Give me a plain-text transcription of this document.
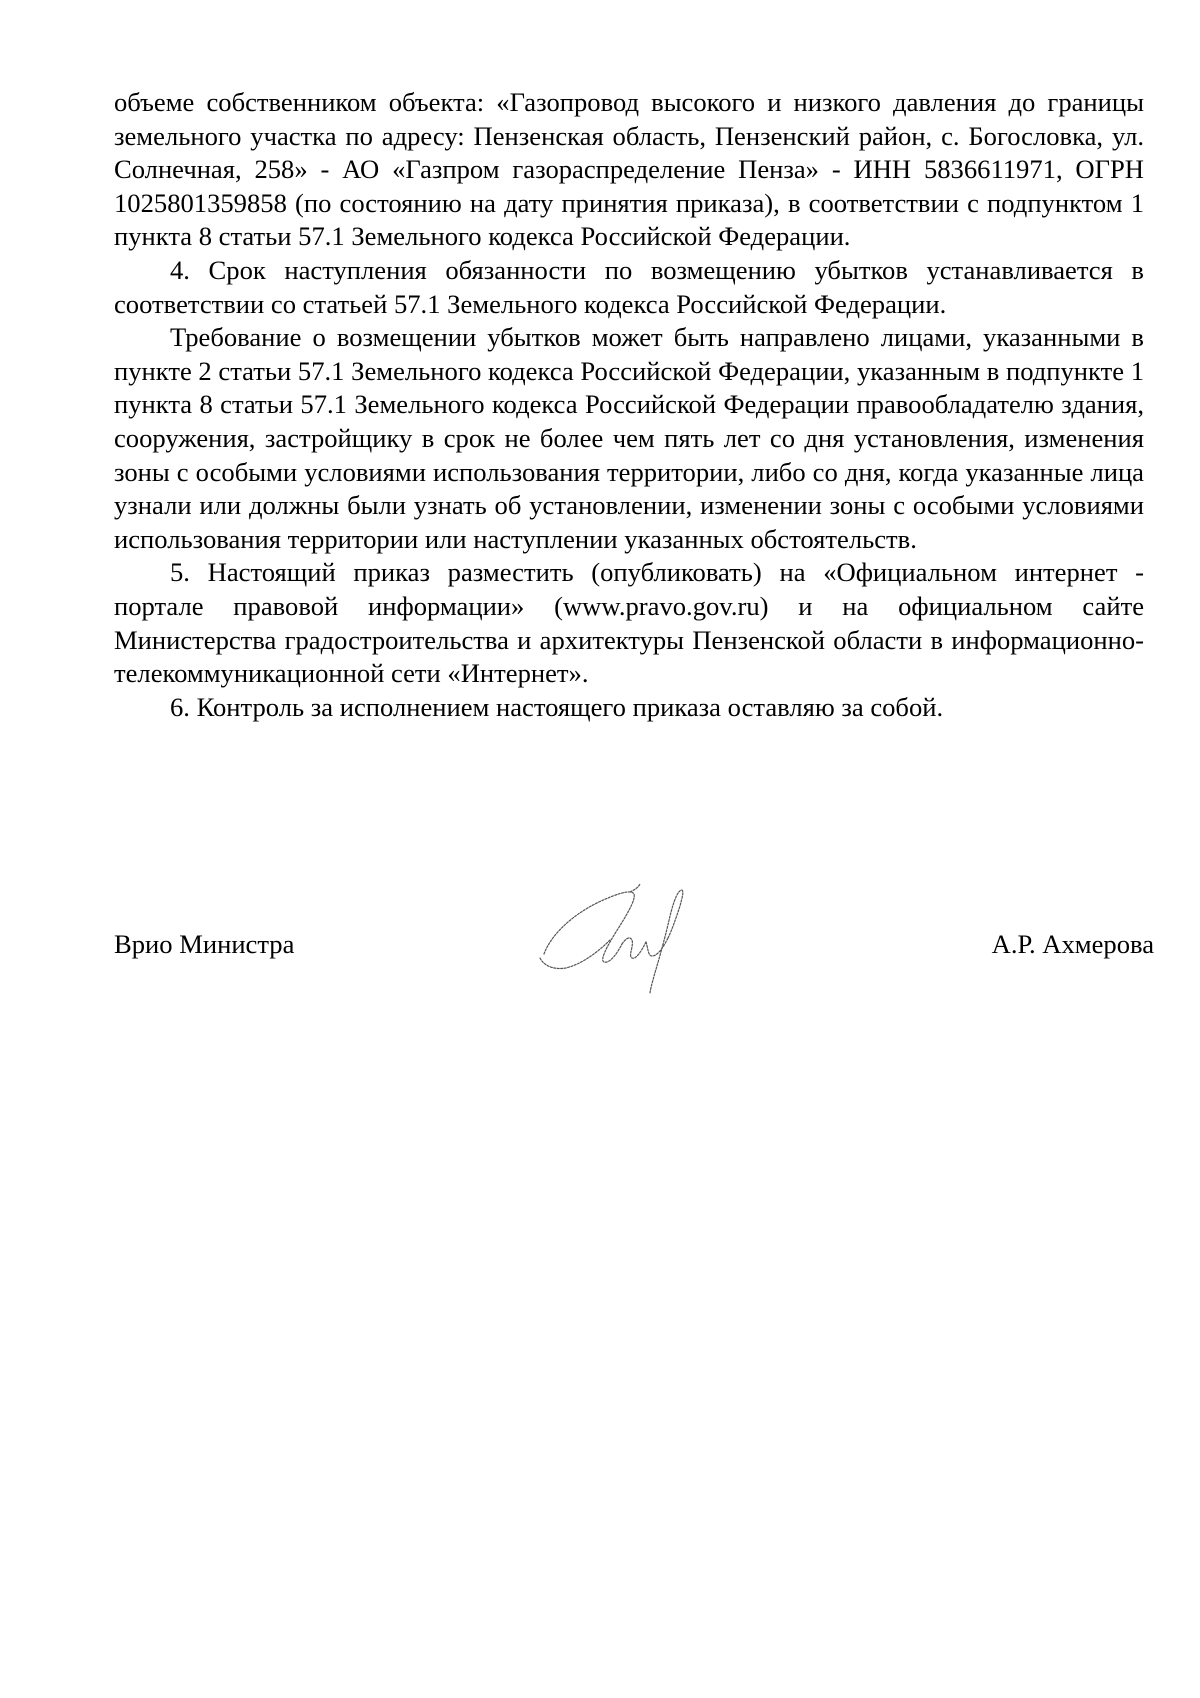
объеме собственником объекта: «Газопровод высокого и низкого давления до границы земельного участка по адресу: Пензенская область, Пензенский район, с. Богословка, ул. Солнечная, 258» - АО «Газпром газораспределение Пенза» - ИНН 5836611971, ОГРН 1025801359858 (по состоянию на дату принятия приказа), в соответствии с подпунктом 1 пункта 8 статьи 57.1 Земельного кодекса Российской Федерации.

4. Срок наступления обязанности по возмещению убытков устанавливается в соответствии со статьей 57.1 Земельного кодекса Российской Федерации.

Требование о возмещении убытков может быть направлено лицами, указанными в пункте 2 статьи 57.1 Земельного кодекса Российской Федерации, указанным в подпункте 1 пункта 8 статьи 57.1 Земельного кодекса Российской Федерации правообладателю здания, сооружения, застройщику в срок не более чем пять лет со дня установления, изменения зоны с особыми условиями использования территории, либо со дня, когда указанные лица узнали или должны были узнать об установлении, изменении зоны с особыми условиями использования территории или наступлении указанных обстоятельств.

5. Настоящий приказ разместить (опубликовать) на «Официальном интернет - портале правовой информации» (www.pravo.gov.ru) и на официальном сайте Министерства градостроительства и архитектуры Пензенской области в информационно-телекоммуникационной сети «Интернет».

6. Контроль за исполнением настоящего приказа оставляю за собой.

Врио Министра	А.Р. Ахмерова
